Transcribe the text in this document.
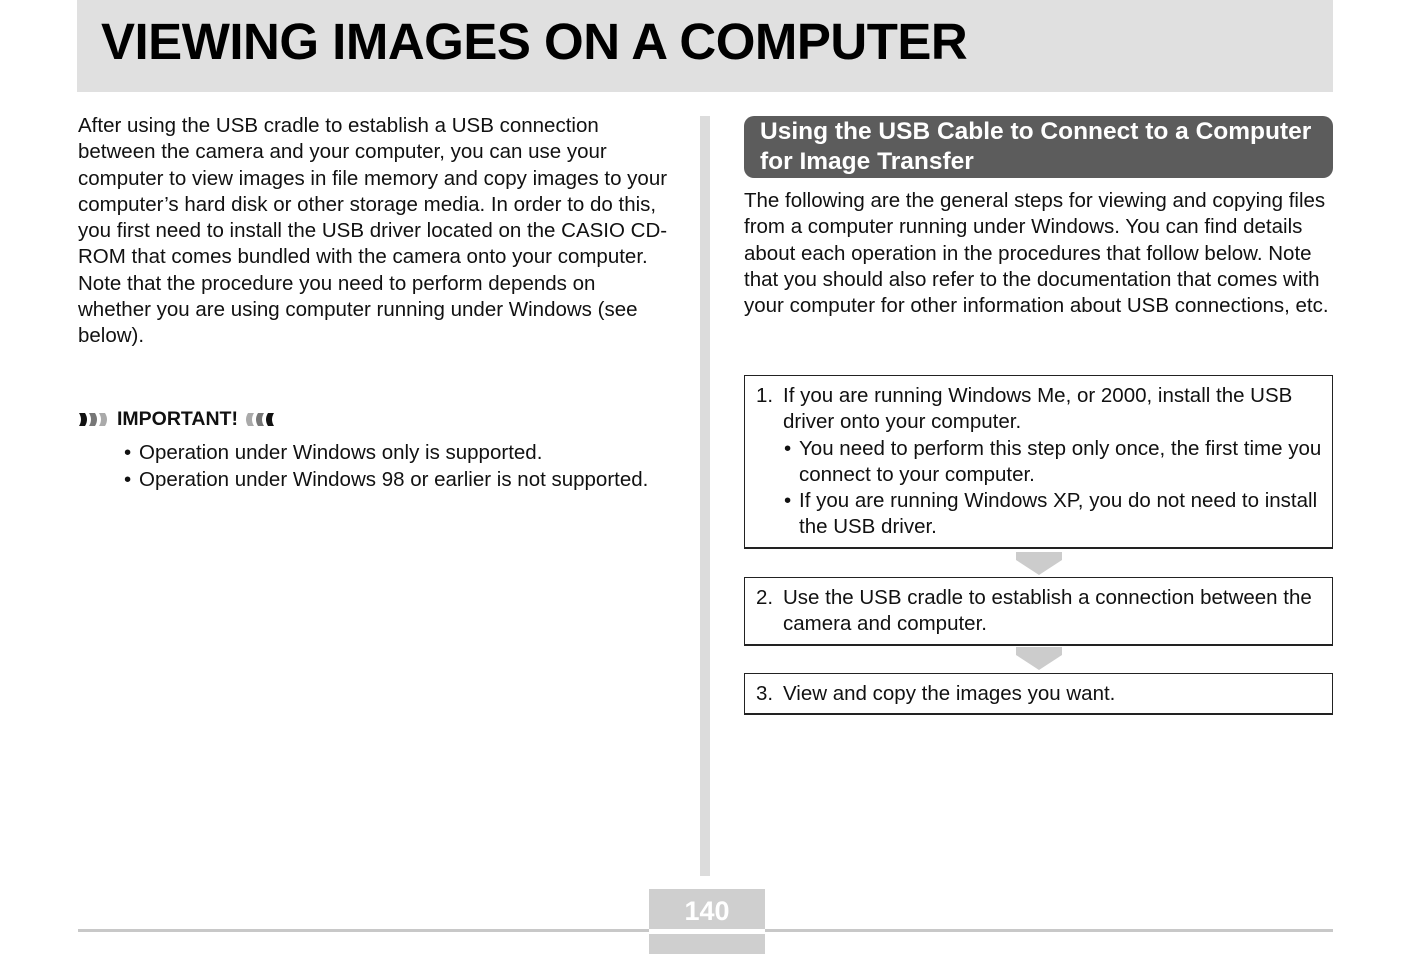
VIEWING IMAGES ON A COMPUTER

After using the USB cradle to establish a USB connection between the camera and your computer, you can use your computer to view images in file memory and copy images to your computer’s hard disk or other storage media. In order to do this, you first need to install the USB driver located on the CASIO CD-ROM that comes bundled with the camera onto your computer.

Note that the procedure you need to perform depends on whether you are using computer running under Windows (see below).

IMPORTANT!
• Operation under Windows only is supported.
• Operation under Windows 98 or earlier is not supported.
Using the USB Cable to Connect to a Computer for Image Transfer

The following are the general steps for viewing and copying files from a computer running under Windows. You can find details about each operation in the procedures that follow below. Note that you should also refer to the documentation that comes with your computer for other information about USB connections, etc.

1. If you are running Windows Me, or 2000, install the USB driver onto your computer.
• You need to perform this step only once, the first time you connect to your computer.
• If you are running Windows XP, you do not need to install the USB driver.
2. Use the USB cradle to establish a connection between the camera and computer.
3. View and copy the images you want.
140
